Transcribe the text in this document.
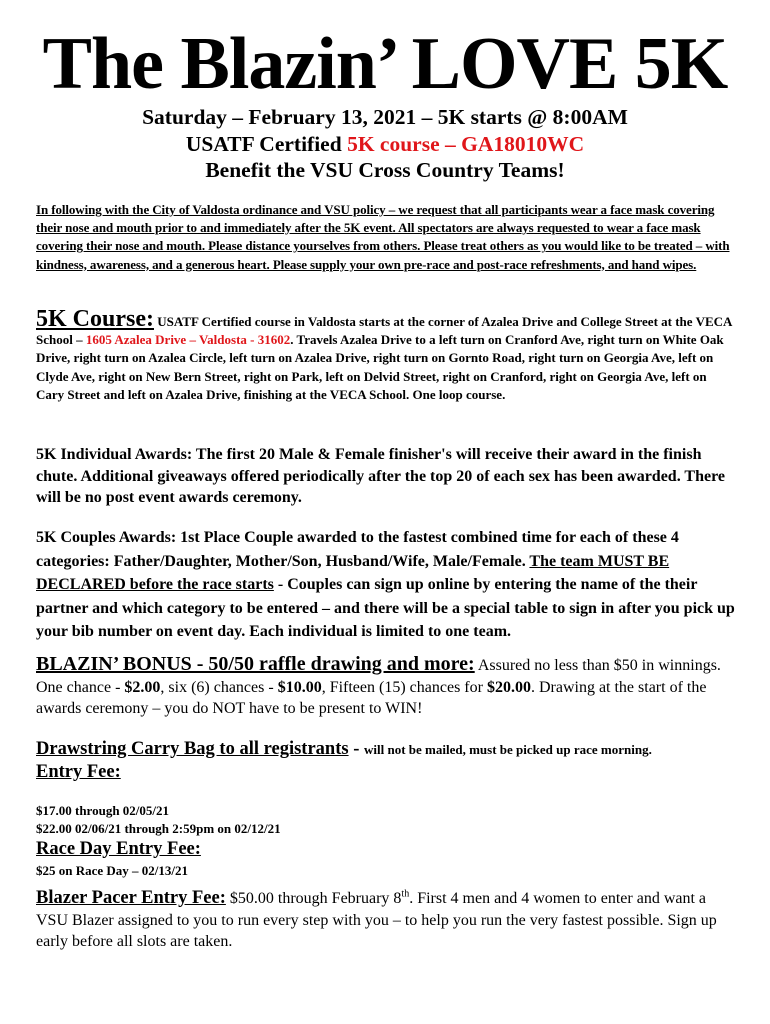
The Blazin’ LOVE 5K
Saturday – February 13, 2021 – 5K starts @ 8:00AM
USATF Certified 5K course – GA18010WC
Benefit the VSU Cross Country Teams!
In following with the City of Valdosta ordinance and VSU policy – we request that all participants wear a face mask covering their nose and mouth prior to and immediately after the 5K event. All spectators are always requested to wear a face mask covering their nose and mouth. Please distance yourselves from others. Please treat others as you would like to be treated – with kindness, awareness, and a generous heart. Please supply your own pre-race and post-race refreshments, and hand wipes.
5K Course: USATF Certified course in Valdosta starts at the corner of Azalea Drive and College Street at the VECA School – 1605 Azalea Drive – Valdosta - 31602. Travels Azalea Drive to a left turn on Cranford Ave, right turn on White Oak Drive, right turn on Azalea Circle, left turn on Azalea Drive, right turn on Gornto Road, right turn on Georgia Ave, left on Clyde Ave, right on New Bern Street, right on Park, left on Delvid Street, right on Cranford, right on Georgia Ave, left on Cary Street and left on Azalea Drive, finishing at the VECA School. One loop course.
5K Individual Awards: The first 20 Male & Female finisher's will receive their award in the finish chute. Additional giveaways offered periodically after the top 20 of each sex has been awarded. There will be no post event awards ceremony.
5K Couples Awards: 1st Place Couple awarded to the fastest combined time for each of these 4 categories: Father/Daughter, Mother/Son, Husband/Wife, Male/Female. The team MUST BE DECLARED before the race starts - Couples can sign up online by entering the name of the their partner and which category to be entered – and there will be a special table to sign in after you pick up your bib number on event day. Each individual is limited to one team.
BLAZIN’ BONUS - 50/50 raffle drawing and more: Assured no less than $50 in winnings. One chance - $2.00, six (6) chances - $10.00, Fifteen (15) chances for $20.00. Drawing at the start of the awards ceremony – you do NOT have to be present to WIN!
Drawstring Carry Bag to all registrants - will not be mailed, must be picked up race morning.
Entry Fee:
$17.00 through 02/05/21
$22.00 02/06/21 through 2:59pm on 02/12/21
Race Day Entry Fee:
$25 on Race Day – 02/13/21
Blazer Pacer Entry Fee: $50.00 through February 8th. First 4 men and 4 women to enter and want a VSU Blazer assigned to you to run every step with you – to help you run the very fastest possible. Sign up early before all slots are taken.
